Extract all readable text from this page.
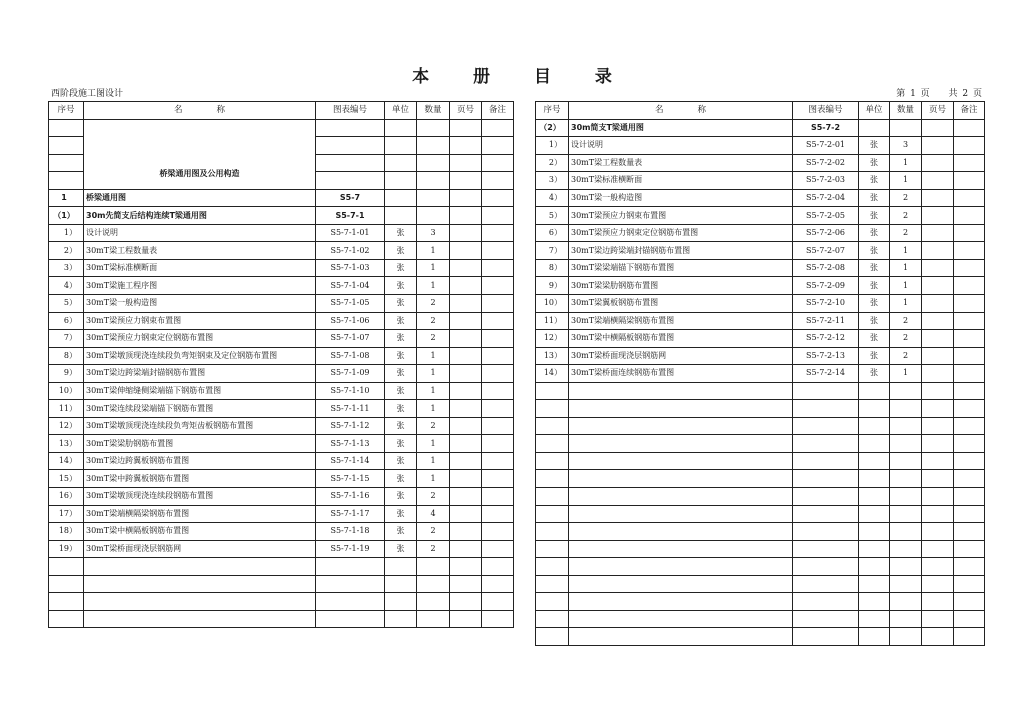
本 册 目 录
西阶段施工图设计	第 1 页 共 2 页
序号	名　　　　称	图表编号	单位	数量	页号	备注
	桥梁通用图及公用构造					

1	桥梁通用图	S5-7				
（1）	30m先简支后结构连续T梁通用图	S5-7-1				
1）	设计说明	S5-7-1-01	张	3		
2）	30mT梁工程数量表	S5-7-1-02	张	1		
3）	30mT梁标准横断面	S5-7-1-03	张	1		
4）	30mT梁施工程序图	S5-7-1-04	张	1		
5）	30mT梁一般构造图	S5-7-1-05	张	2		
6）	30mT梁预应力钢束布置图	S5-7-1-06	张	2		
7）	30mT梁预应力钢束定位钢筋布置图	S5-7-1-07	张	2		
8）	30mT梁墩顶现浇连续段负弯矩钢束及定位钢筋布置图	S5-7-1-08	张	1		
9）	30mT梁边跨梁端封锚钢筋布置图	S5-7-1-09	张	1		
10）	30mT梁伸缩缝侧梁端锚下钢筋布置图	S5-7-1-10	张	1		
11）	30mT梁连续段梁端锚下钢筋布置图	S5-7-1-11	张	1		
12）	30mT梁墩顶现浇连续段负弯矩齿板钢筋布置图	S5-7-1-12	张	2		
13）	30mT梁梁肋钢筋布置图	S5-7-1-13	张	1		
14）	30mT梁边跨翼板钢筋布置图	S5-7-1-14	张	1		
15）	30mT梁中跨翼板钢筋布置图	S5-7-1-15	张	1		
16）	30mT梁墩顶现浇连续段钢筋布置图	S5-7-1-16	张	2		
17）	30mT梁端横隔梁钢筋布置图	S5-7-1-17	张	4		
18）	30mT梁中横隔板钢筋布置图	S5-7-1-18	张	2		
19）	30mT梁桥面现浇层钢筋网	S5-7-1-19	张	2		

序号	名　　　　称	图表编号	单位	数量	页号	备注
（2）	30m简支T梁通用图	S5-7-2				
1）	设计说明	S5-7-2-01	张	3		
2）	30mT梁工程数量表	S5-7-2-02	张	1		
3）	30mT梁标准横断面	S5-7-2-03	张	1		
4）	30mT梁一般构造图	S5-7-2-04	张	2		
5）	30mT梁预应力钢束布置图	S5-7-2-05	张	2		
6）	30mT梁预应力钢束定位钢筋布置图	S5-7-2-06	张	2		
7）	30mT梁边跨梁端封锚钢筋布置图	S5-7-2-07	张	1		
8）	30mT梁梁端锚下钢筋布置图	S5-7-2-08	张	1		
9）	30mT梁梁肋钢筋布置图	S5-7-2-09	张	1		
10）	30mT梁翼板钢筋布置图	S5-7-2-10	张	1		
11）	30mT梁端横隔梁钢筋布置图	S5-7-2-11	张	2		
12）	30mT梁中横隔板钢筋布置图	S5-7-2-12	张	2		
13）	30mT梁桥面现浇层钢筋网	S5-7-2-13	张	2		
14）	30mT梁桥面连续钢筋布置图	S5-7-2-14	张	1		
